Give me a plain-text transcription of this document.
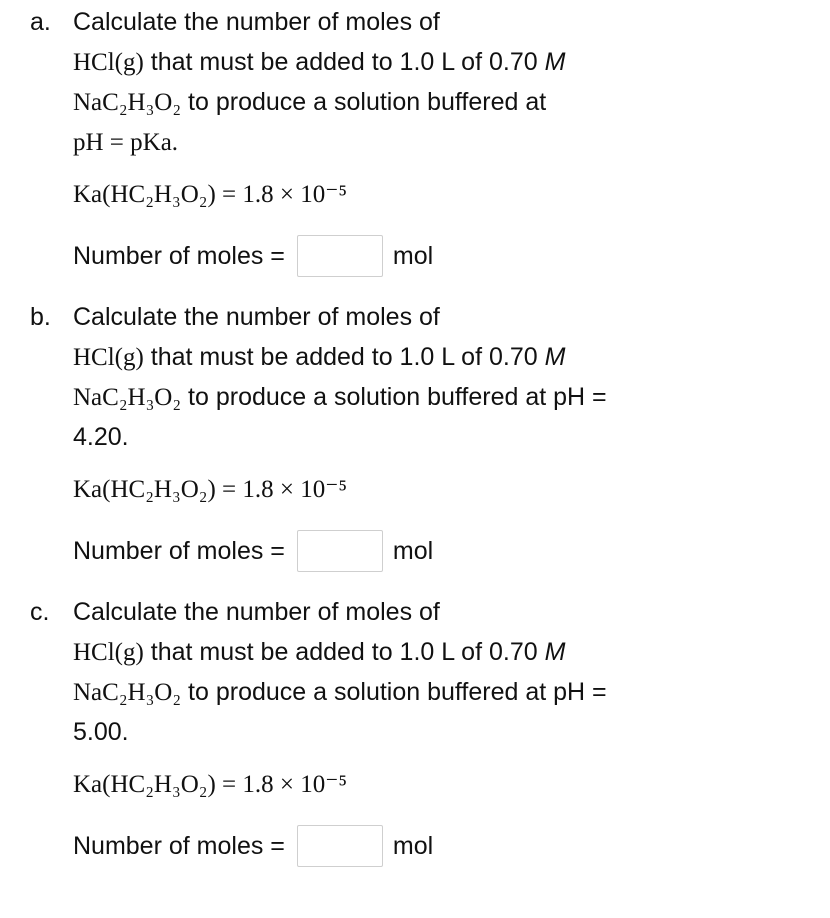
a. Calculate the number of moles of
HCl(g) that must be added to 1.0 L of 0.70 M
NaC₂H₃O₂ to produce a solution buffered at
pH = pKa.
Ka(HC₂H₃O₂) = 1.8 × 10⁻⁵
Number of moles =	mol
b. Calculate the number of moles of
HCl(g) that must be added to 1.0 L of 0.70 M
NaC₂H₃O₂ to produce a solution buffered at pH =
4.20.
Ka(HC₂H₃O₂) = 1.8 × 10⁻⁵
Number of moles =	mol
c. Calculate the number of moles of
HCl(g) that must be added to 1.0 L of 0.70 M
NaC₂H₃O₂ to produce a solution buffered at pH =
5.00.
Ka(HC₂H₃O₂) = 1.8 × 10⁻⁵
Number of moles =	mol
